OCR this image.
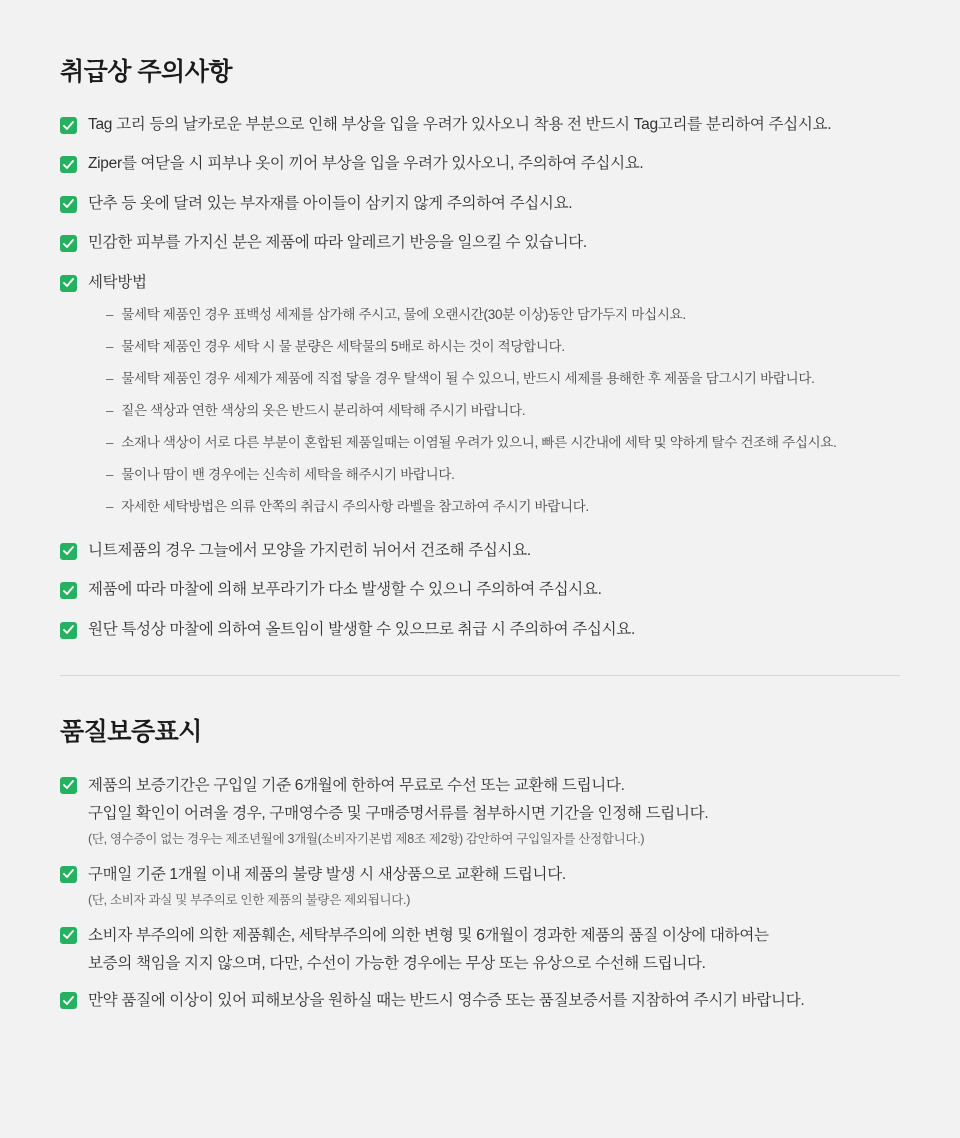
취급상 주의사항
Tag 고리 등의 날카로운 부분으로 인해 부상을 입을 우려가 있사오니 착용 전 반드시 Tag고리를 분리하여 주십시요.
Ziper를 여닫을 시 피부나 옷이 끼어 부상을 입을 우려가 있사오니, 주의하여 주십시요.
단추 등 옷에 달려 있는 부자재를 아이들이 삼키지 않게 주의하여 주십시요.
민감한 피부를 가지신 분은 제품에 따라 알레르기 반응을 일으킬 수 있습니다.
세탁방법
– 물세탁 제품인 경우 표백성 세제를 삼가해 주시고, 물에 오랜시간(30분 이상)동안 담가두지 마십시요.
– 물세탁 제품인 경우 세탁 시 물 분량은 세탁물의 5배로 하시는 것이 적당합니다.
– 물세탁 제품인 경우 세제가 제품에 직접 닿을 경우 탈색이 될 수 있으니, 반드시 세제를 용해한 후 제품을 담그시기 바랍니다.
– 짙은 색상과 연한 색상의 옷은 반드시 분리하여 세탁해 주시기 바랍니다.
– 소재나 색상이 서로 다른 부분이 혼합된 제품일때는 이염될 우려가 있으니, 빠른 시간내에 세탁 및 약하게 탈수 건조해 주십시요.
– 물이나 땀이 밴 경우에는 신속히 세탁을 해주시기 바랍니다.
– 자세한 세탁방법은 의류 안쪽의 취급시 주의사항 라벨을 참고하여 주시기 바랍니다.
니트제품의 경우 그늘에서 모양을 가지런히 뉘어서 건조해 주십시요.
제품에 따라 마찰에 의해 보푸라기가 다소 발생할 수 있으니 주의하여 주십시요.
원단 특성상 마찰에 의하여 올트임이 발생할 수 있으므로 취급 시 주의하여 주십시요.
품질보증표시
제품의 보증기간은 구입일 기준 6개월에 한하여 무료로 수선 또는 교환해 드립니다.
구입일 확인이 어려울 경우, 구매영수증 및 구매증명서류를 첨부하시면 기간을 인정해 드립니다.
(단, 영수증이 없는 경우는 제조년월에 3개월(소비자기본법 제8조 제2항) 감안하여 구입일자를 산정합니다.)
구매일 기준 1개월 이내 제품의 불량 발생 시 새상품으로 교환해 드립니다.
(단, 소비자 과실 및 부주의로 인한 제품의 불량은 제외됩니다.)
소비자 부주의에 의한 제품훼손, 세탁부주의에 의한 변형 및 6개월이 경과한 제품의 품질 이상에 대하여는
보증의 책임을 지지 않으며, 다만, 수선이 가능한 경우에는 무상 또는 유상으로 수선해 드립니다.
만약 품질에 이상이 있어 피해보상을 원하실 때는 반드시 영수증 또는 품질보증서를 지참하여 주시기 바랍니다.
